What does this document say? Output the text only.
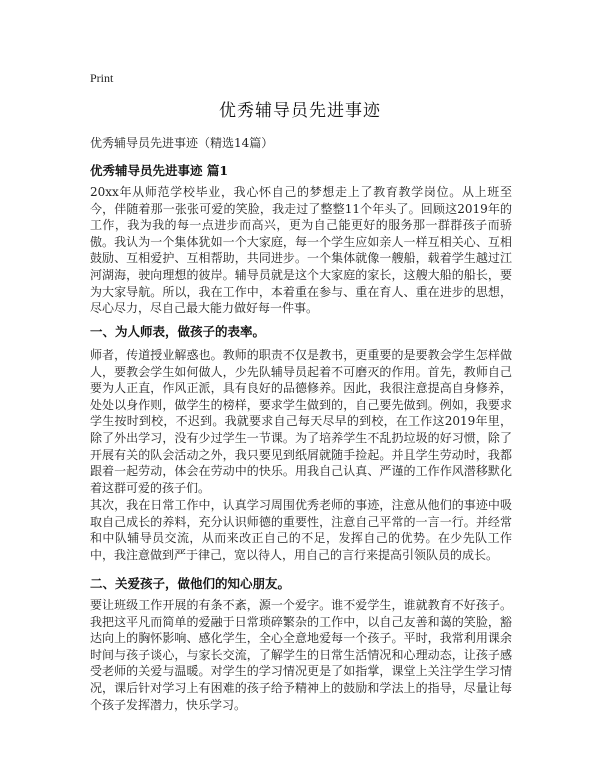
Print
优秀辅导员先进事迹
优秀辅导员先进事迹（精选14篇）
优秀辅导员先进事迹 篇1

20xx年从师范学校毕业，我心怀自己的梦想走上了教育教学岗位。从上班至今，伴随着那一张张可爱的笑脸，我走过了整整11个年头了。回顾这2019年的工作，我为我的每一点进步而高兴，更为自己能更好的服务那一群群孩子而骄傲。我认为一个集体犹如一个大家庭，每一个学生应如亲人一样互相关心、互相鼓励、互相爱护、互相帮助，共同进步。一个集体就像一艘船，载着学生越过江河湖海，驶向理想的彼岸。辅导员就是这个大家庭的家长，这艘大船的船长，要为大家导航。所以，我在工作中，本着重在参与、重在育人、重在进步的思想，尽心尽力，尽自己最大能力做好每一件事。

一、为人师表，做孩子的表率。

师者，传道授业解惑也。教师的职责不仅是教书，更重要的是要教会学生怎样做人，要教会学生如何做人，少先队辅导员起着不可磨灭的作用。首先，教师自己要为人正直，作风正派，具有良好的品德修养。因此，我很注意提高自身修养，处处以身作则，做学生的榜样，要求学生做到的，自己要先做到。例如，我要求学生按时到校，不迟到。我就要求自己每天尽早的到校，在工作这2019年里，除了外出学习，没有少过学生一节课。为了培养学生不乱扔垃圾的好习惯，除了开展有关的队会活动之外，我只要见到纸屑就随手捡起。并且学生劳动时，我都跟着一起劳动，体会在劳动中的快乐。用我自己认真、严谨的工作作风潜移默化着这群可爱的孩子们。

其次，我在日常工作中，认真学习周围优秀老师的事迹，注意从他们的事迹中吸取自己成长的养料，充分认识师德的重要性，注意自己平常的一言一行。并经常和中队辅导员交流，从而来改正自己的不足，发挥自己的优势。在少先队工作中，我注意做到严于律己，宽以待人，用自己的言行来提高引领队员的成长。

二、关爱孩子，做他们的知心朋友。

要让班级工作开展的有条不紊，源一个爱字。谁不爱学生，谁就教育不好孩子。我把这平凡而简单的爱融于日常琐碎繁杂的工作中，以自己友善和蔼的笑脸，豁达向上的胸怀影响、感化学生，全心全意地爱每一个孩子。平时，我常利用课余时间与孩子谈心，与家长交流，了解学生的日常生活情况和心理动态，让孩子感受老师的关爱与温暖。对学生的学习情况更是了如指掌，课堂上关注学生学习情况，课后针对学习上有困难的孩子给予精神上的鼓励和学法上的指导，尽量让每个孩子发挥潜力，快乐学习。
